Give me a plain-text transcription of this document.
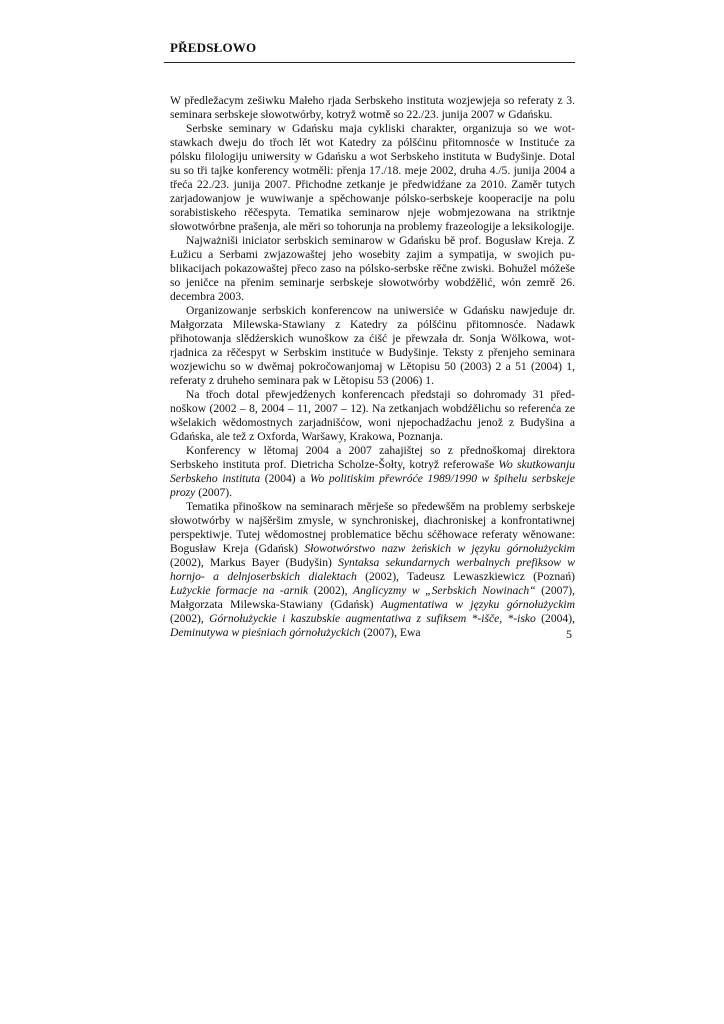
PŘEDSŁOWO

W předležacym zešiwku Małeho rjada Serbskeho instituta wozjewjeja so referaty z 3. seminara serbskeje słowotwórby, kotryž wotmě so 22./23. junija 2007 w Gdańsku.

Serbske seminary w Gdańsku maja cykliski charakter, organizuja so we wotstawkach dweju do třoch lět wot Katedry za pólšćinu přitomnosće w Instituće za pólsku filologiju uniwersity w Gdańsku a wot Serbskeho instituta w Budyšinje. Dotal su so tři tajke konferency wotměli: přenja 17./18. meje 2002, druha 4./5. junija 2004 a třeća 22./23. junija 2007. Přichodne zetkanje je předwidźane za 2010. Zaměr tutych zarjadowanjow je wuwiwanje a spěchowanje pólsko-serbskeje kooperacije na polu sorabistiskeho rěčespyta. Tematika seminarow njeje wobmjezowana na striktnje słowotwórbne prašenja, ale měri so tohorunja na problemy frazeologije a leksikologije.

Najważniši iniciator serbskich seminarow w Gdańsku bě prof. Bogusław Kreja. Z Łužicu a Serbami zwjazowaštej jeho wosebity zajim a sympatija, w swojich publikacijach pokazowaštej přeco zaso na pólsko-serbske rěčne zwiski. Bohužel móžeše so jeničce na přenim seminarje serbskeje słowotwórby wobdźělić, wón zemrě 26. decembra 2003.

Organizowanje serbskich konferencow na uniwersiće w Gdańsku nawjeduje dr. Małgorzata Milewska-Stawiany z Katedry za pólšćinu přitomnosće. Nadawk přihotowanja slědźerskich wunoškow za ćišć je přewzała dr. Sonja Wölkowa, wotrjadnica za rěčespyt w Serbskim instituće w Budyšinje. Teksty z přenjeho seminara wozjewichu so w dwěmaj pokročowanjomaj w Lětopisu 50 (2003) 2 a 51 (2004) 1, referaty z druheho seminara pak w Lětopisu 53 (2006) 1.

Na třoch dotal přewjedźenych konferencach předstaji so dohromady 31 přednoškow (2002 – 8, 2004 – 11, 2007 – 12). Na zetkanjach wobdźělichu so referenća ze wšelakich wědomostnych zarjadnišćow, woni njepochadźachu jenož z Budyšina a Gdańska, ale tež z Oxforda, Waršawy, Krakowa, Poznanja.

Konferency w lětomaj 2004 a 2007 zahajištej so z přednoškomaj direktora Serbskeho instituta prof. Dietricha Scholze-Šołty, kotryž referowaše Wo skutkowanju Serbskeho instituta (2004) a Wo politiskim přewróće 1989/1990 w špihelu serbskeje prozy (2007).

Tematika přinoškow na seminarach měrješe so předewšěm na problemy serbskeje słowotwórby w najšěršim zmysle, w synchroniskej, diachroniskej a konfrontatiwnej perspektiwje. Tutej wědomostnej problematice běchu sćěhowace referaty wěnowane: Bogusław Kreja (Gdańsk) Słowotwórstwo nazw żeńskich w języku górnołużyckim (2002), Markus Bayer (Budyšin) Syntaksa sekundarnych werbalnych prefiksow w hornjo- a delnjoserbskich dialektach (2002), Tadeusz Lewaszkiewicz (Poznań) Łużyckie formacje na -arnik (2002), Anglicyzmy w „Serbskich Nowinach“ (2007), Małgorzata Milewska-Stawiany (Gdańsk) Augmentatiwa w języku górnołużyckim (2002), Górnołużyckie i kaszubskie augmentatiwa z sufiksem *-išče, *-isko (2004), Deminutywa w pieśniach górnołużyckich (2007), Ewa	5
